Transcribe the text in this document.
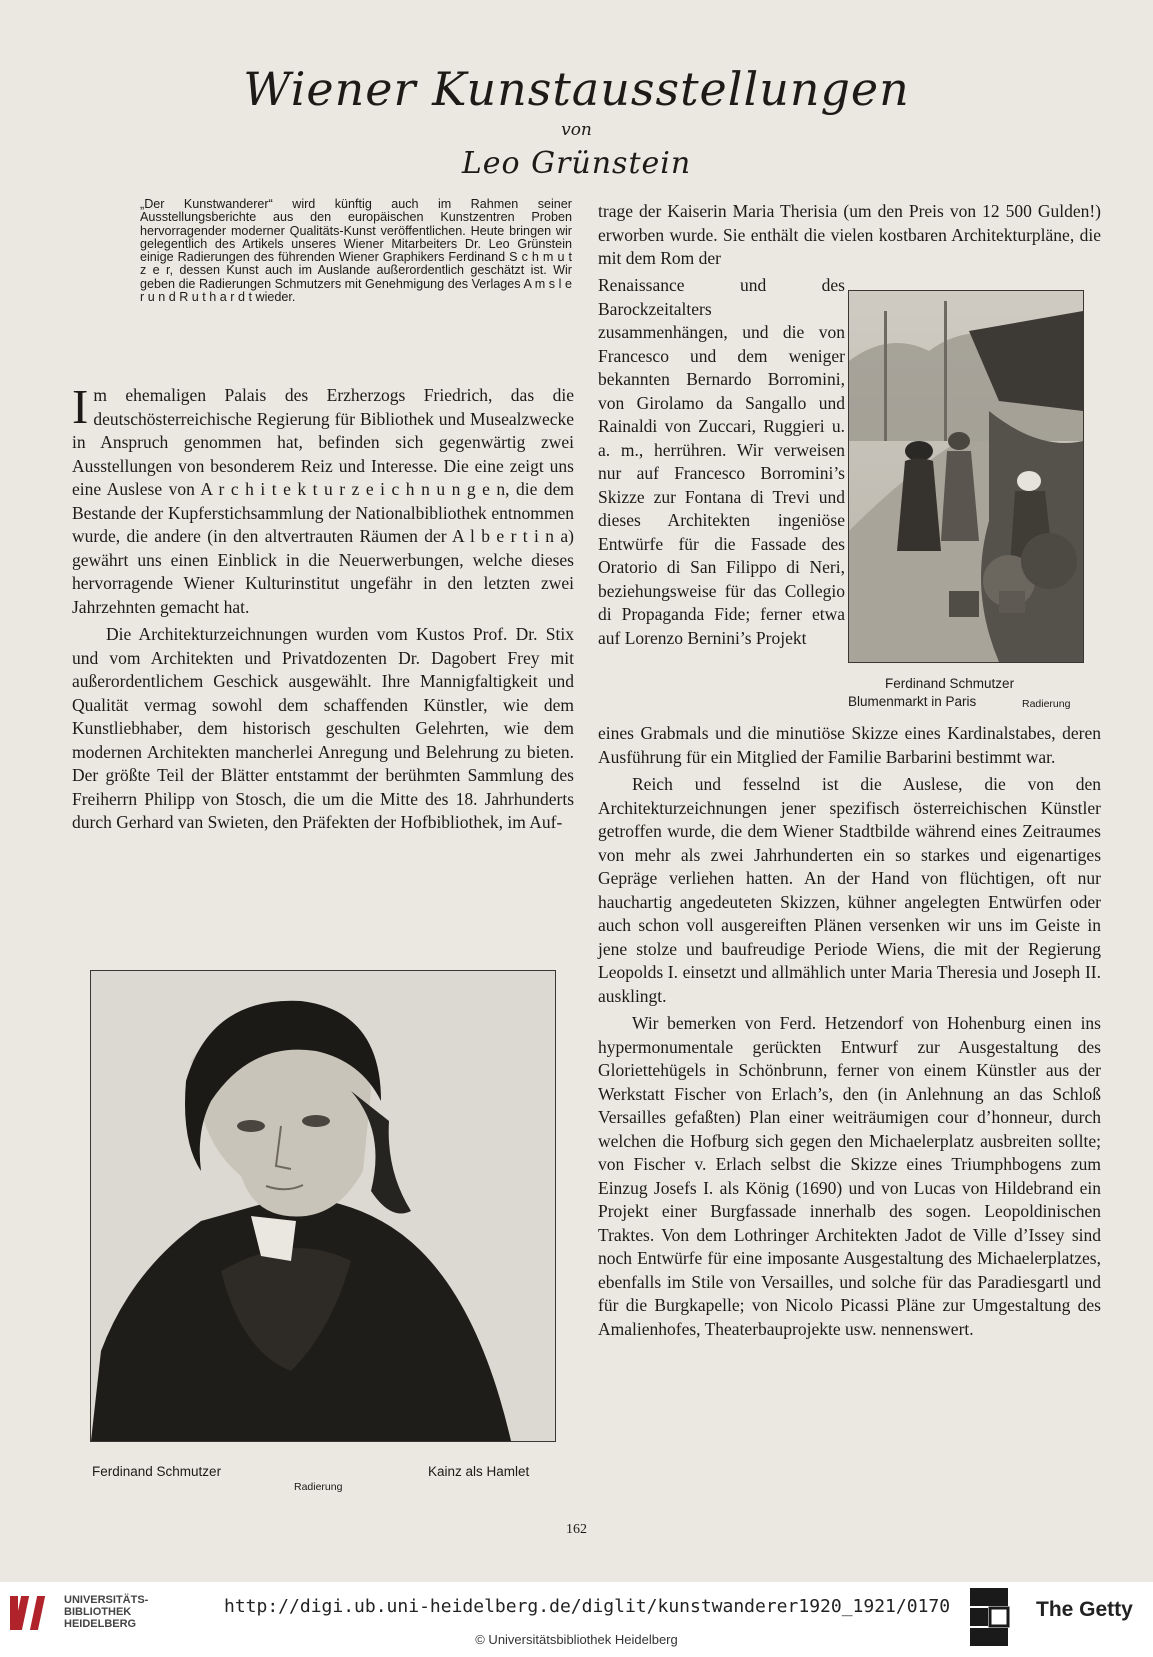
Wiener Kunstausstellungen
von
Leo Grünstein

„Der Kunstwanderer“ wird künftig auch im Rahmen seiner Ausstellungsberichte aus den europäischen Kunstzentren Proben hervorragender moderner Qualitäts-Kunst veröffentlichen. Heute bringen wir gelegentlich des Artikels unseres Wiener Mitarbeiters Dr. Leo Grünstein einige Radierungen des führenden Wiener Graphikers Ferdinand S c h m u t z e r, dessen Kunst auch im Auslande außerordentlich geschätzt ist. Wir geben die Radierungen Schmutzers mit Genehmigung des Verlages A m s l e r u n d R u t h a r d t wieder.

Im ehemaligen Palais des Erzherzogs Friedrich, das die deutschösterreichische Regierung für Bibliothek und Musealzwecke in Anspruch genommen hat, befinden sich gegenwärtig zwei Ausstellungen von besonderem Reiz und Interesse. Die eine zeigt uns eine Auslese von A r c h i t e k t u r z e i c h n u n g e n, die dem Bestande der Kupferstichsammlung der Nationalbibliothek entnommen wurde, die andere (in den altvertrauten Räumen der A l b e r t i n a) gewährt uns einen Einblick in die Neuerwerbungen, welche dieses hervorragende Wiener Kulturinstitut ungefähr in den letzten zwei Jahrzehnten gemacht hat.

Die Architekturzeichnungen wurden vom Kustos Prof. Dr. Stix und vom Architekten und Privatdozenten Dr. Dagobert Frey mit außerordentlichem Geschick ausgewählt. Ihre Mannigfaltigkeit und Qualität vermag sowohl dem schaffenden Künstler, wie dem Kunstliebhaber, dem historisch geschulten Gelehrten, wie dem modernen Architekten mancherlei Anregung und Belehrung zu bieten. Der größte Teil der Blätter entstammt der berühmten Sammlung des Freiherrn Philipp von Stosch, die um die Mitte des 18. Jahrhunderts durch Gerhard van Swieten, den Präfekten der Hofbibliothek, im Auf-

trage der Kaiserin Maria Therisia (um den Preis von 12 500 Gulden!) erworben wurde. Sie enthält die vielen kostbaren Architekturpläne, die mit dem Rom der

Renaissance und des Barockzeitalters zusammenhängen, und die von Francesco und dem weniger bekannten Bernardo Borromini, von Girolamo da Sangallo und Rainaldi von Zuccari, Ruggieri u. a. m., herrühren. Wir verweisen nur auf Francesco Borromini’s Skizze zur Fontana di Trevi und dieses Architekten ingeniöse Entwürfe für die Fassade des Oratorio di San Filippo di Neri, beziehungsweise für das Collegio di Propaganda Fide; ferner etwa auf Lorenzo Bernini’s Projekt

eines Grabmals und die minutiöse Skizze eines Kardinalstabes, deren Ausführung für ein Mitglied der Familie Barbarini bestimmt war.

Reich und fesselnd ist die Auslese, die von den Architekturzeichnungen jener spezifisch österreichischen Künstler getroffen wurde, die dem Wiener Stadtbilde während eines Zeitraumes von mehr als zwei Jahrhunderten ein so starkes und eigenartiges Gepräge verliehen hatten. An der Hand von flüchtigen, oft nur hauchartig angedeuteten Skizzen, kühner angelegten Entwürfen oder auch schon voll ausgereiften Plänen versenken wir uns im Geiste in jene stolze und baufreudige Periode Wiens, die mit der Regierung Leopolds I. einsetzt und allmählich unter Maria Theresia und Joseph II. ausklingt.

Wir bemerken von Ferd. Hetzendorf von Hohenburg einen ins hypermonumentale gerückten Entwurf zur Ausgestaltung des Gloriettehügels in Schönbrunn, ferner von einem Künstler aus der Werkstatt Fischer von Erlach’s, den (in Anlehnung an das Schloß Versailles gefaßten) Plan einer weiträumigen cour d’honneur, durch welchen die Hofburg sich gegen den Michaelerplatz ausbreiten sollte; von Fischer v. Erlach selbst die Skizze eines Triumphbogens zum Einzug Josefs I. als König (1690) und von Lucas von Hildebrand ein Projekt einer Burgfassade innerhalb des sogen. Leopoldinischen Traktes. Von dem Lothringer Architekten Jadot de Ville d’Issey sind noch Entwürfe für eine imposante Ausgestaltung des Michaelerplatzes, ebenfalls im Stile von Versailles, und solche für das Paradiesgartl und für die Burgkapelle; von Nicolo Picassi Pläne zur Umgestaltung des Amalienhofes, Theaterbauprojekte usw. nennenswert.

Ferdinand Schmutzer
Blumenmarkt in Paris	Radierung
Ferdinand Schmutzer	Kainz als Hamlet
Radierung
162
UNIVERSITÄTS-
BIBLIOTHEK
HEIDELBERG
http://digi.ub.uni-heidelberg.de/diglit/kunstwanderer1920_1921/0170
© Universitätsbibliothek Heidelberg
The Getty
